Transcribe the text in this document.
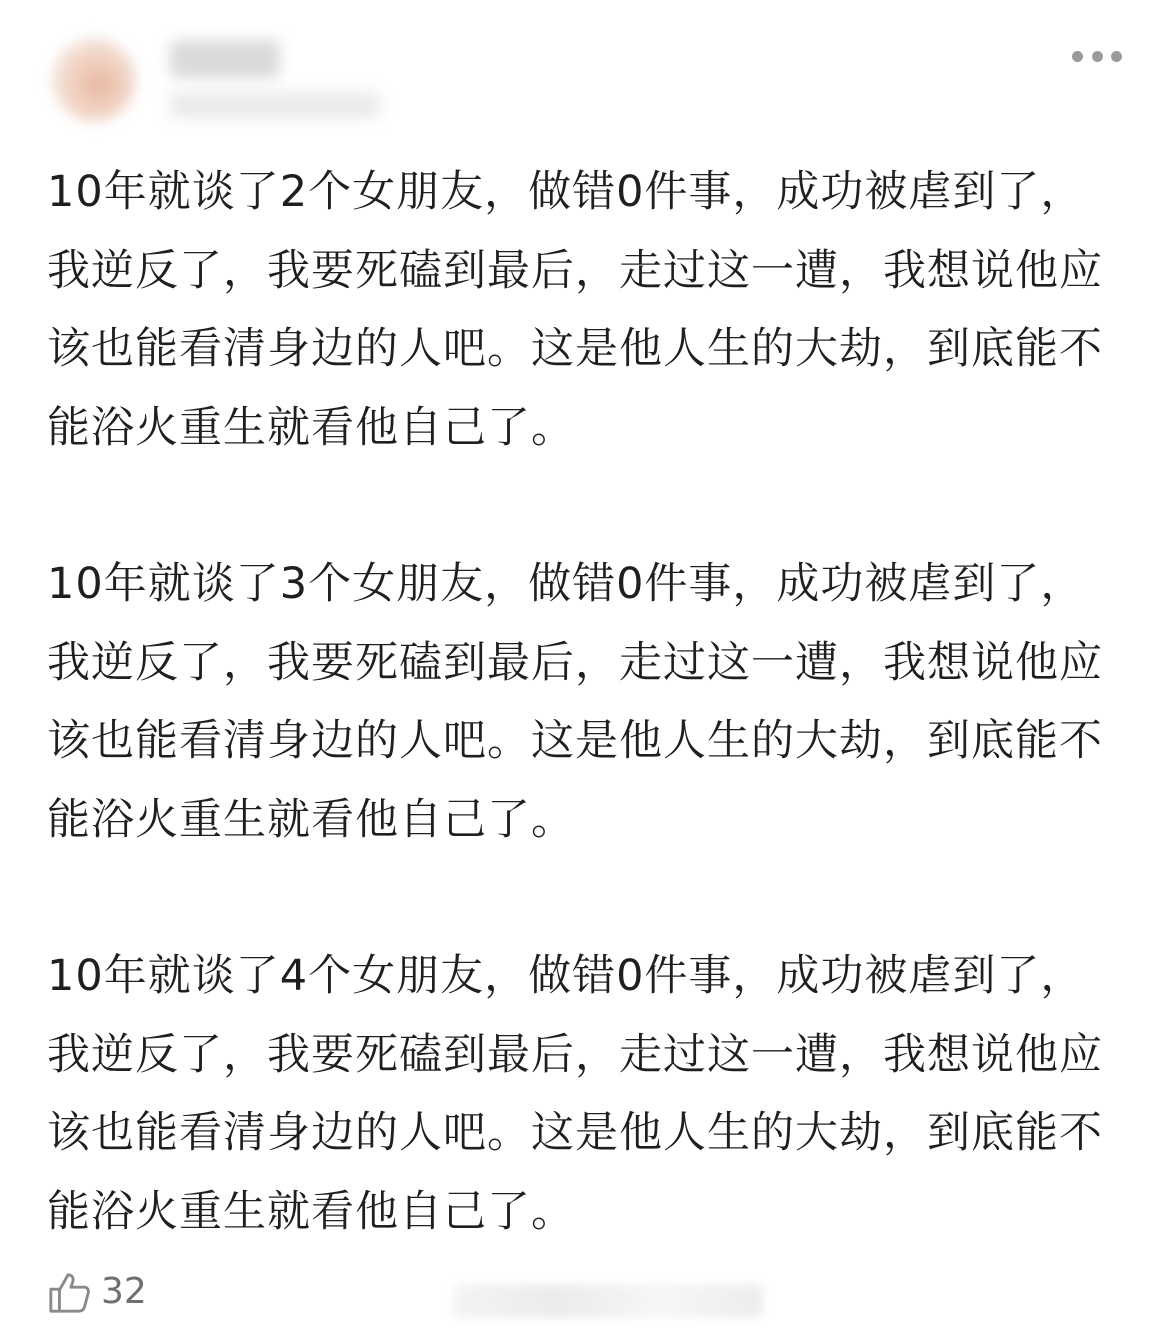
10年就谈了2个女朋友，做错0件事，成功被虐到了，我逆反了，我要死磕到最后，走过这一遭，我想说他应该也能看清身边的人吧。这是他人生的大劫，到底能不能浴火重生就看他自己了。

10年就谈了3个女朋友，做错0件事，成功被虐到了，我逆反了，我要死磕到最后，走过这一遭，我想说他应该也能看清身边的人吧。这是他人生的大劫，到底能不能浴火重生就看他自己了。

10年就谈了4个女朋友，做错0件事，成功被虐到了，我逆反了，我要死磕到最后，走过这一遭，我想说他应该也能看清身边的人吧。这是他人生的大劫，到底能不能浴火重生就看他自己了。

32
